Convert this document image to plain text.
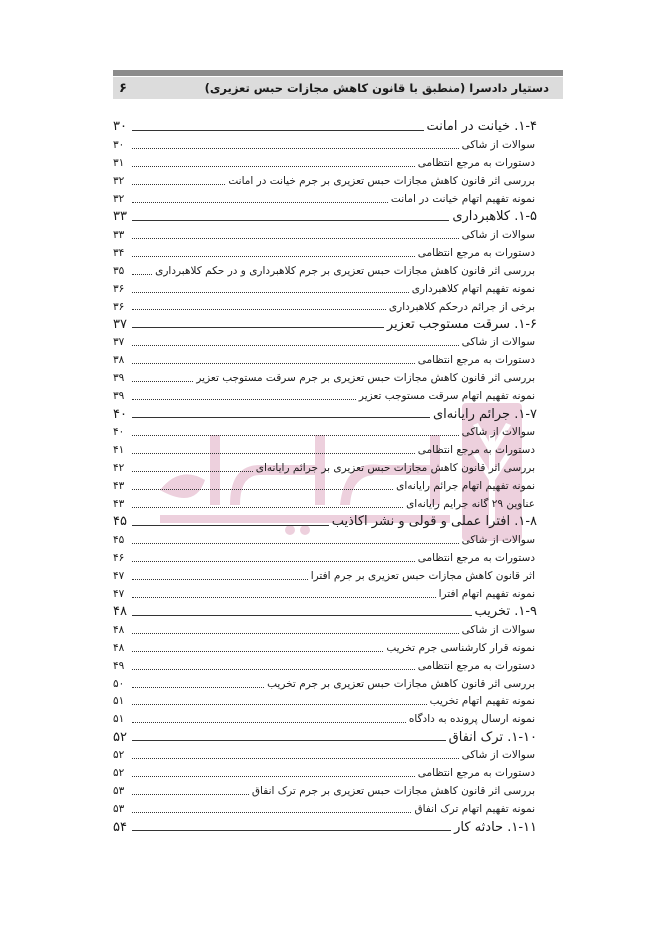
دستیار دادسرا (منطبق با قانون کاهش مجازات حبس تعزیری)
۶
۱-۴. خیانت در امانت
۳۰
سوالات از شاکی
۳۰
دستورات به مرجع انتظامی
۳۱
بررسی اثر قانون کاهش مجازات حبس تعزیری بر جرم خیانت در امانت
۳۲
نمونه تفهیم اتهام خیانت در امانت
۳۲
۱-۵. کلاهبرداری
۳۳
سوالات از شاکی
۳۳
دستورات به مرجع انتظامی
۳۴
بررسی اثر قانون کاهش مجازات حبس تعزیری بر جرم کلاهبرداری و در حکم کلاهبرداری
۳۵
نمونه تفهیم اتهام کلاهبرداری
۳۶
برخی از جرائم درحکم کلاهبرداری
۳۶
۱-۶. سرقت مستوجب تعزیر
۳۷
سوالات از شاکی
۳۷
دستورات به مرجع انتظامی
۳۸
بررسی اثر قانون کاهش مجازات حبس تعزیری بر جرم سرقت مستوجب تعزیر
۳۹
نمونه تفهیم اتهام سرقت مستوجب تعزیر
۳۹
۱-۷. جرائم رایانه‌ای
۴۰
سوالات از شاکی
۴۰
دستورات به مرجع انتظامی
۴۱
بررسی اثر قانون کاهش مجازات حبس تعزیری بر جرائم رایانه‌ای
۴۲
نمونه تفهیم اتهام جرائم رایانه‌ای
۴۳
عناوین ۲۹ گانه جرایم رایانه‌ای
۴۳
۱-۸. افترا عملی و قولی و نشر اکاذیب
۴۵
سوالات از شاکی
۴۵
دستورات به مرجع انتظامی
۴۶
اثر قانون کاهش مجازات حبس تعزیری بر جرم افترا
۴۷
نمونه تفهیم اتهام افترا
۴۷
۱-۹. تخریب
۴۸
سوالات از شاکی
۴۸
نمونه قرار کارشناسی جرم تخریب
۴۸
دستورات به مرجع انتظامی
۴۹
بررسی اثر قانون کاهش مجازات حبس تعزیری بر جرم تخریب
۵۰
نمونه تفهیم اتهام تخریب
۵۱
نمونه ارسال پرونده به دادگاه
۵۱
۱-۱۰. ترک انفاق
۵۲
سوالات از شاکی
۵۲
دستورات به مرجع انتظامی
۵۲
بررسی اثر قانون کاهش مجازات حبس تعزیری بر جرم ترک انفاق
۵۳
نمونه تفهیم اتهام ترک انفاق
۵۳
۱-۱۱. حادثه کار
۵۴
